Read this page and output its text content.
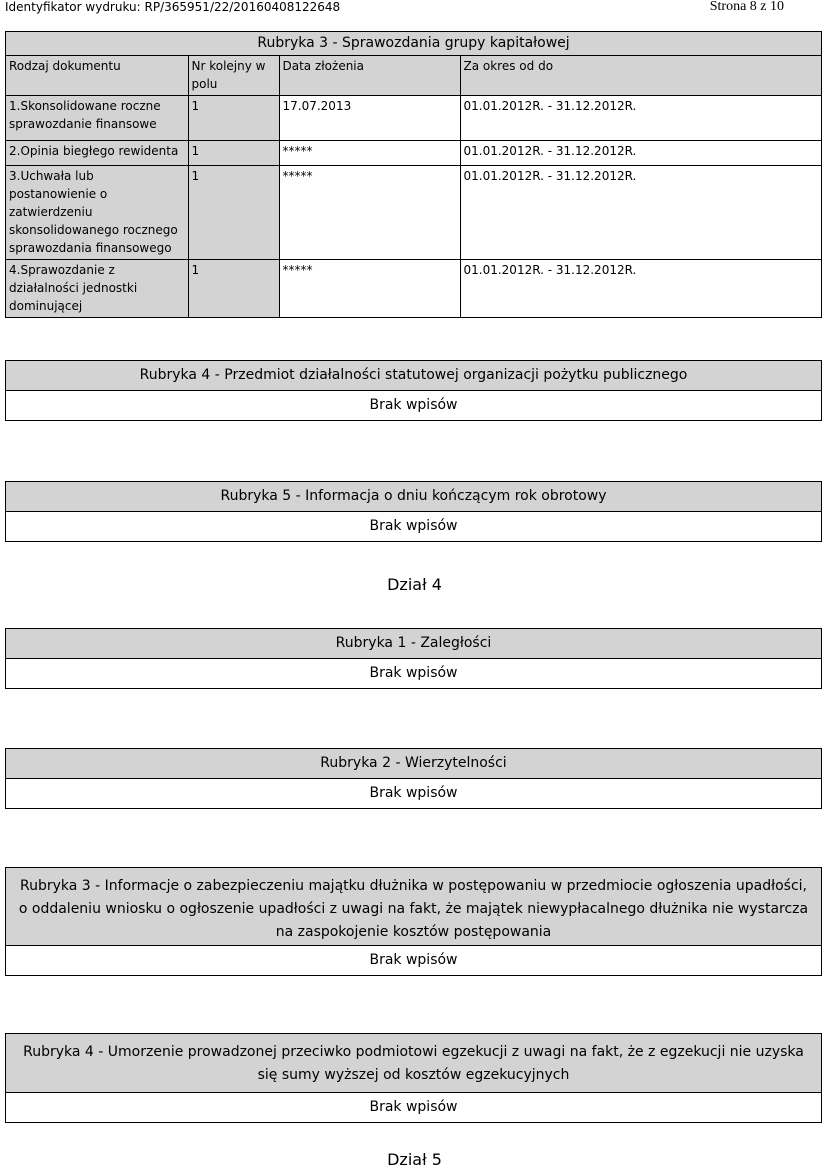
Identyfikator wydruku: RP/365951/22/20160408122648	Strona 8 z 10
Rubryka 3 - Sprawozdania grupy kapitałowej
Rodzaj dokumentu	Nr kolejny w polu	Data złożenia	Za okres od do
1.Skonsolidowane roczne sprawozdanie finansowe	1	17.07.2013	01.01.2012R. - 31.12.2012R.
2.Opinia biegłego rewidenta	1	*****	01.01.2012R. - 31.12.2012R.
3.Uchwała lub postanowienie o zatwierdzeniu skonsolidowanego rocznego sprawozdania finansowego	1	*****	01.01.2012R. - 31.12.2012R.
4.Sprawozdanie z działalności jednostki dominującej	1	*****	01.01.2012R. - 31.12.2012R.
Rubryka 4 - Przedmiot działalności statutowej organizacji pożytku publicznego
Brak wpisów
Rubryka 5 - Informacja o dniu kończącym rok obrotowy
Brak wpisów
Dział 4
Rubryka 1 - Zaległości
Brak wpisów
Rubryka 2 - Wierzytelności
Brak wpisów
Rubryka 3 - Informacje o zabezpieczeniu majątku dłużnika w postępowaniu w przedmiocie ogłoszenia upadłości, o oddaleniu wniosku o ogłoszenie upadłości z uwagi na fakt, że majątek niewypłacalnego dłużnika nie wystarcza na zaspokojenie kosztów postępowania
Brak wpisów
Rubryka 4 - Umorzenie prowadzonej przeciwko podmiotowi egzekucji z uwagi na fakt, że z egzekucji nie uzyska się sumy wyższej od kosztów egzekucyjnych
Brak wpisów
Dział 5
